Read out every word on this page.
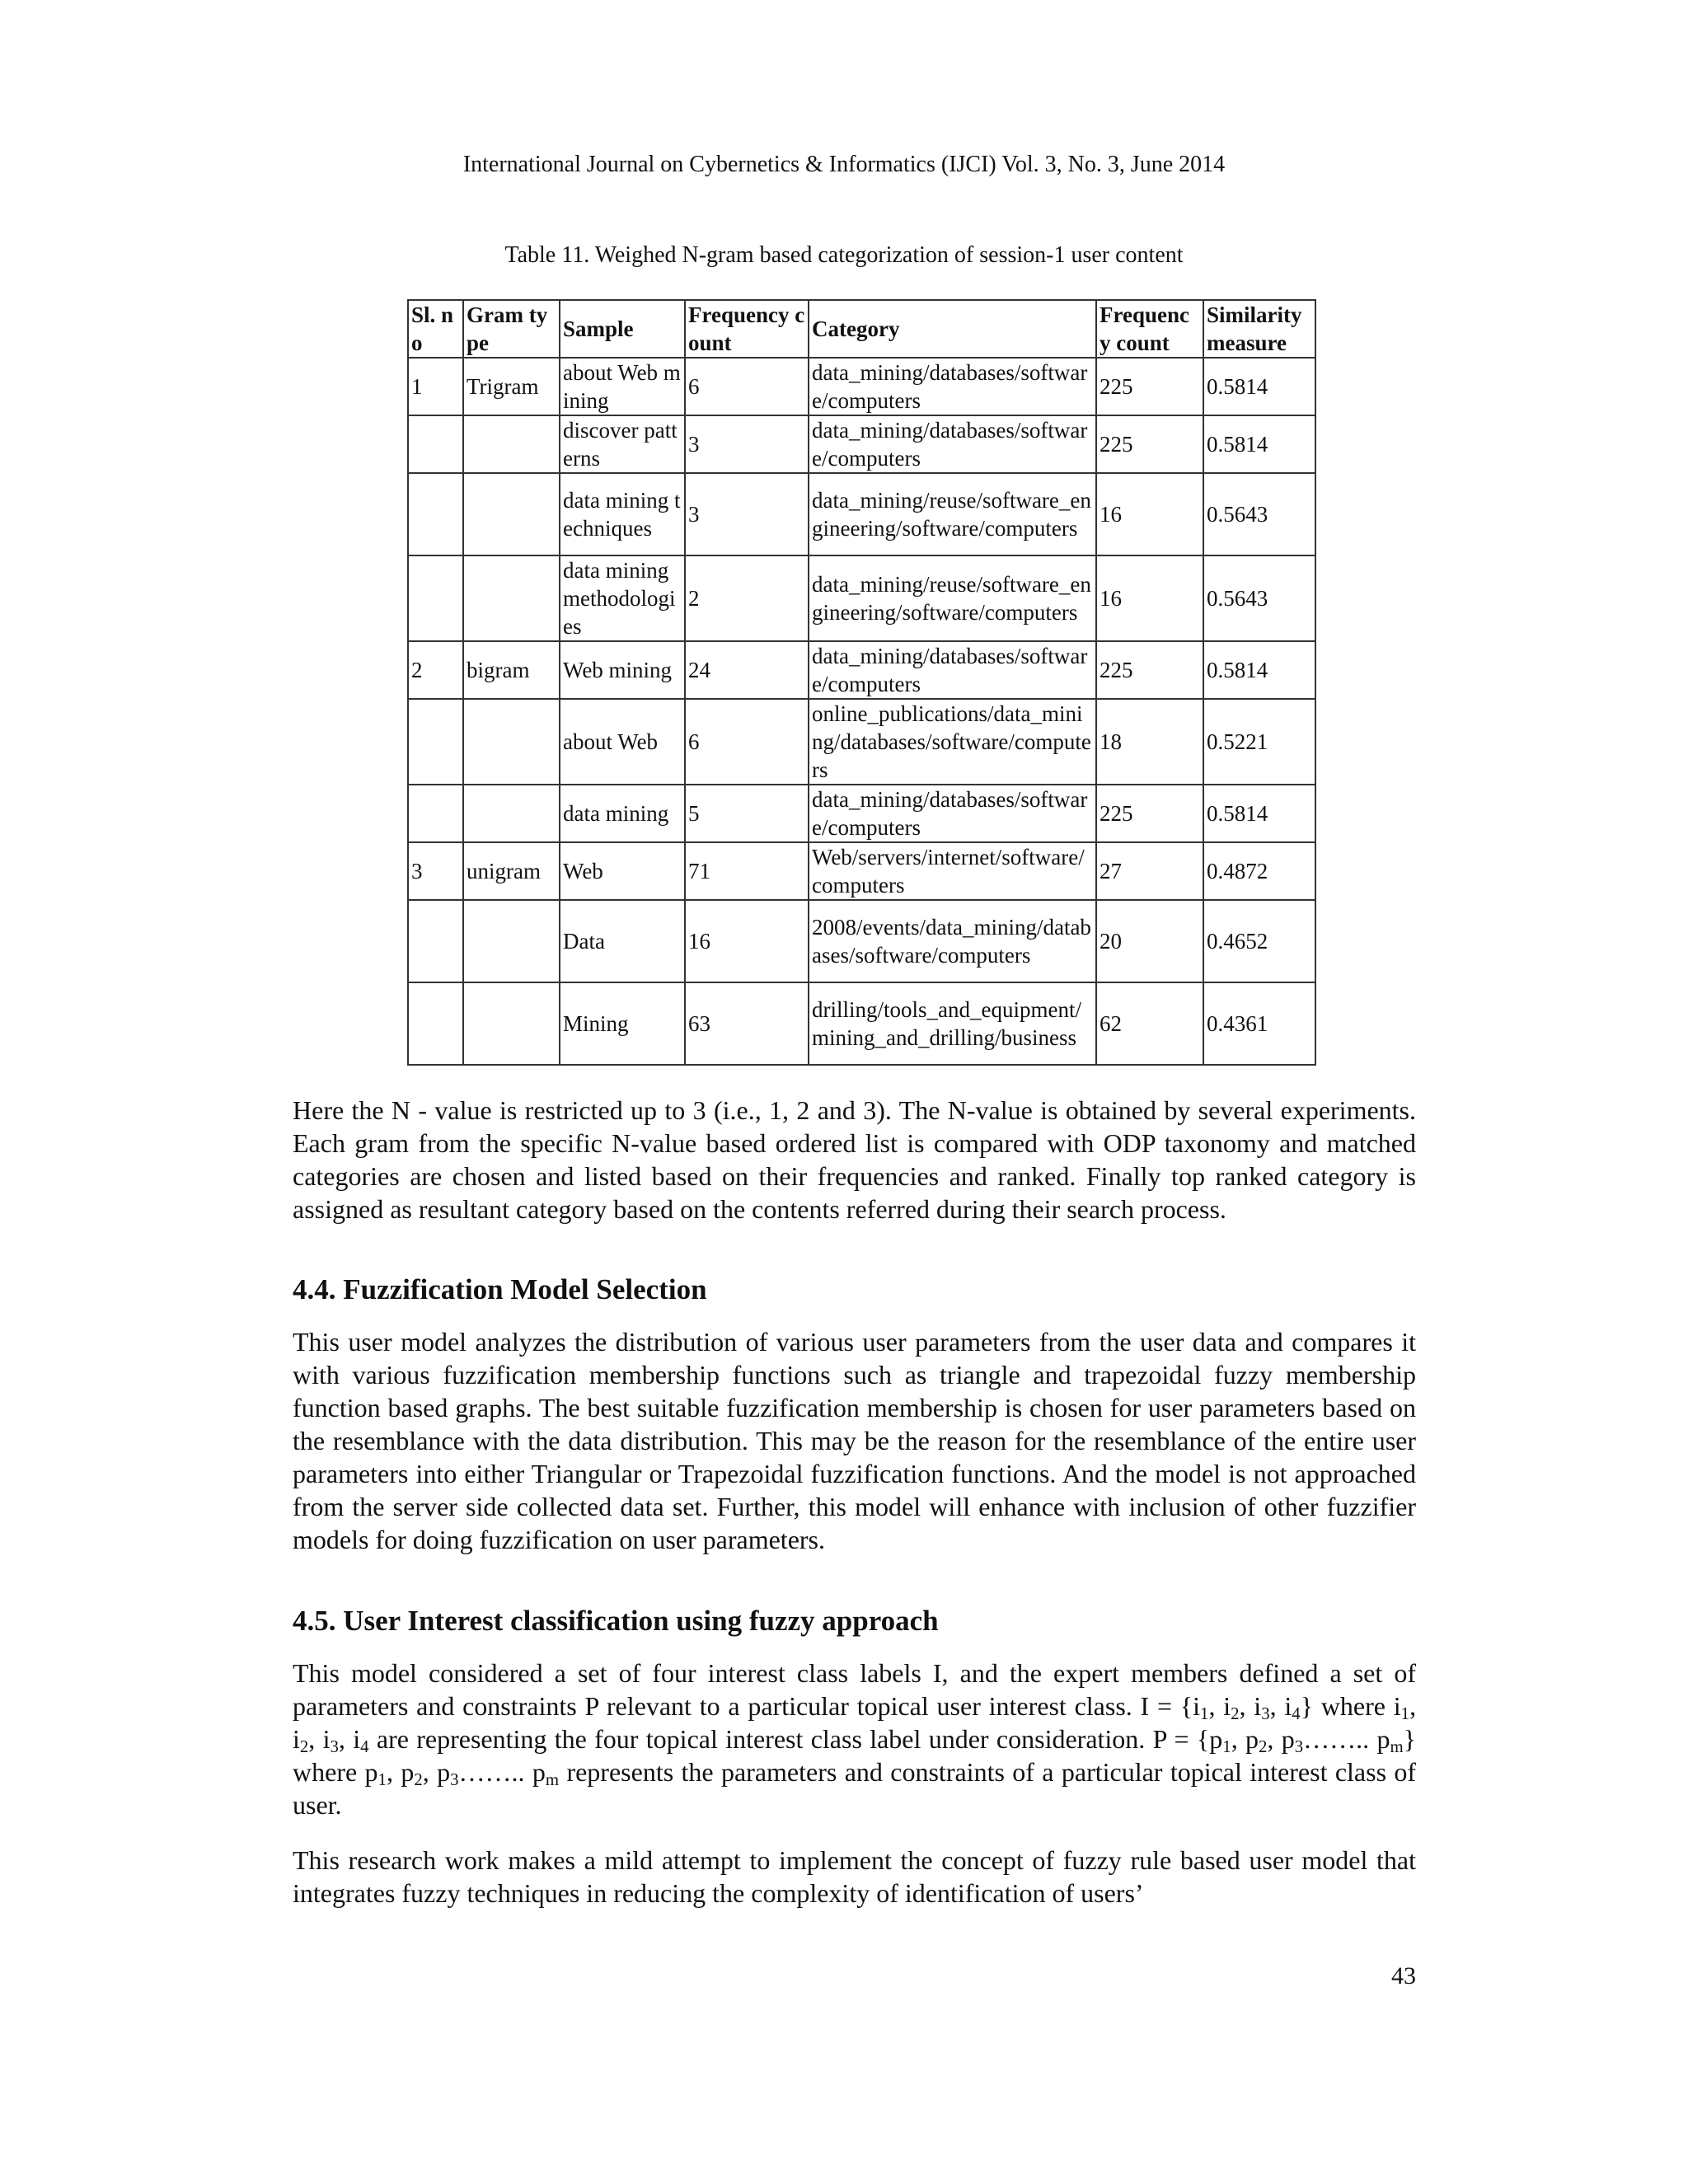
International Journal on Cybernetics & Informatics (IJCI) Vol. 3, No. 3, June 2014
Table 11. Weighed N-gram based categorization of session-1 user content
Sl. no	Gram type	Sample	Frequency count	Category	Frequency count	Similarity measure
1	Trigram	about Web mining	6	data_mining/databases/software/computers	225	0.5814
		discover patterns	3	data_mining/databases/software/computers	225	0.5814
		data mining techniques	3	data_mining/reuse/software_engineering/software/computers	16	0.5643
		data mining methodologies	2	data_mining/reuse/software_engineering/software/computers	16	0.5643
2	bigram	Web mining	24	data_mining/databases/software/computers	225	0.5814
		about Web	6	online_publications/data_mining/databases/software/computers	18	0.5221
		data mining	5	data_mining/databases/software/computers	225	0.5814
3	unigram	Web	71	Web/servers/internet/software/computers	27	0.4872
		Data	16	2008/events/data_mining/databases/software/computers	20	0.4652
		Mining	63	drilling/tools_and_equipment/mining_and_drilling/business	62	0.4361

Here the N - value is restricted up to 3 (i.e., 1, 2 and 3). The N-value is obtained by several experiments. Each gram from the specific N-value based ordered list is compared with ODP taxonomy and matched categories are chosen and listed based on their frequencies and ranked. Finally top ranked category is assigned as resultant category based on the contents referred during their search process.

4.4. Fuzzification Model Selection

This user model analyzes the distribution of various user parameters from the user data and compares it with various fuzzification membership functions such as triangle and trapezoidal fuzzy membership function based graphs. The best suitable fuzzification membership is chosen for user parameters based on the resemblance with the data distribution. This may be the reason for the resemblance of the entire user parameters into either Triangular or Trapezoidal fuzzification functions. And the model is not approached from the server side collected data set. Further, this model will enhance with inclusion of other fuzzifier models for doing fuzzification on user parameters.

4.5. User Interest classification using fuzzy approach

This model considered a set of four interest class labels I, and the expert members defined a set of parameters and constraints P relevant to a particular topical user interest class. $I = \{i_1$, $i_2$, $i_3$, $i_4$} where $i_1$, $i_2$, $i_3$, $i_4$ are representing the four topical interest class label under consideration. $P = \{p_1$, $p_2$, $p_3\dots\dots$.. $p_m$} where $p_1$, $p_2$, $p_3\dots\dots$.. $p_m$ represents the parameters and constraints of a particular topical interest class of user.

This research work makes a mild attempt to implement the concept of fuzzy rule based user model that integrates fuzzy techniques in reducing the complexity of identification of users’

43
